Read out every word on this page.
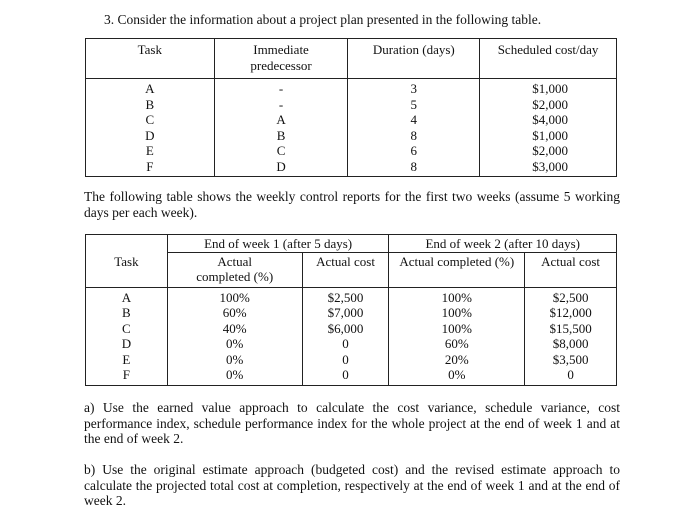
3. Consider the information about a project plan presented in the following table.
Task	Immediate predecessor	Duration (days)	Scheduled cost/day
A	-	3	$1,000
B	-	5	$2,000
C	A	4	$4,000
D	B	8	$1,000
E	C	6	$2,000
F	D	8	$3,000
The following table shows the weekly control reports for the first two weeks (assume 5 working days per each week).
Task	End of week 1 (after 5 days)		End of week 2 (after 10 days)	
	Actual completed (%)	Actual cost	Actual completed (%)	Actual cost
A	100%	$2,500	100%	$2,500
B	60%	$7,000	100%	$12,000
C	40%	$6,000	100%	$15,500
D	0%	0	60%	$8,000
E	0%	0	20%	$3,500
F	0%	0	0%	0
a) Use the earned value approach to calculate the cost variance, schedule variance, cost performance index, schedule performance index for the whole project at the end of week 1 and at the end of week 2.
b) Use the original estimate approach (budgeted cost) and the revised estimate approach to calculate the projected total cost at completion, respectively at the end of week 1 and at the end of week 2.
